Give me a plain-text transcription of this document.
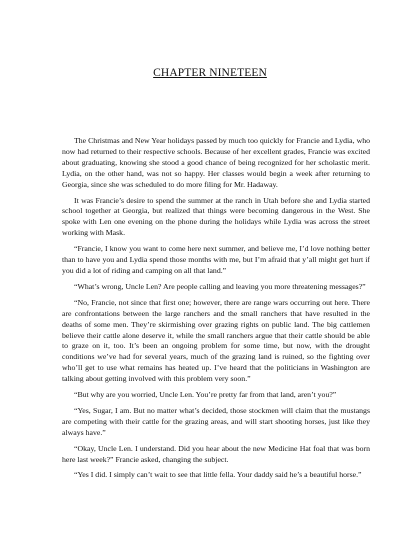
CHAPTER NINETEEN

The Christmas and New Year holidays passed by much too quickly for Francie and Lydia, who now had returned to their respective schools. Because of her excellent grades, Francie was excited about graduating, knowing she stood a good chance of being recognized for her scholastic merit. Lydia, on the other hand, was not so happy. Her classes would begin a week after returning to Georgia, since she was scheduled to do more filing for Mr. Hadaway.

It was Francie’s desire to spend the summer at the ranch in Utah before she and Lydia started school together at Georgia, but realized that things were becoming dangerous in the West. She spoke with Len one evening on the phone during the holidays while Lydia was across the street working with Mask.

“Francie, I know you want to come here next summer, and believe me, I’d love nothing better than to have you and Lydia spend those months with me, but I’m afraid that y’all might get hurt if you did a lot of riding and camping on all that land.”

“What’s wrong, Uncle Len? Are people calling and leaving you more threatening messages?”

“No, Francie, not since that first one; however, there are range wars occurring out here. There are confrontations between the large ranchers and the small ranchers that have resulted in the deaths of some men. They’re skirmishing over grazing rights on public land. The big cattlemen believe their cattle alone deserve it, while the small ranchers argue that their cattle should be able to graze on it, too. It’s been an ongoing problem for some time, but now, with the drought conditions we’ve had for several years, much of the grazing land is ruined, so the fighting over who’ll get to use what remains has heated up. I’ve heard that the politicians in Washington are talking about getting involved with this problem very soon.”

“But why are you worried, Uncle Len. You’re pretty far from that land, aren’t you?”

“Yes, Sugar, I am. But no matter what’s decided, those stockmen will claim that the mustangs are competing with their cattle for the grazing areas, and will start shooting horses, just like they always have.”

“Okay, Uncle Len. I understand. Did you hear about the new Medicine Hat foal that was born here last week?” Francie asked, changing the subject.

“Yes I did. I simply can’t wait to see that little fella. Your daddy said he’s a beautiful horse.”
